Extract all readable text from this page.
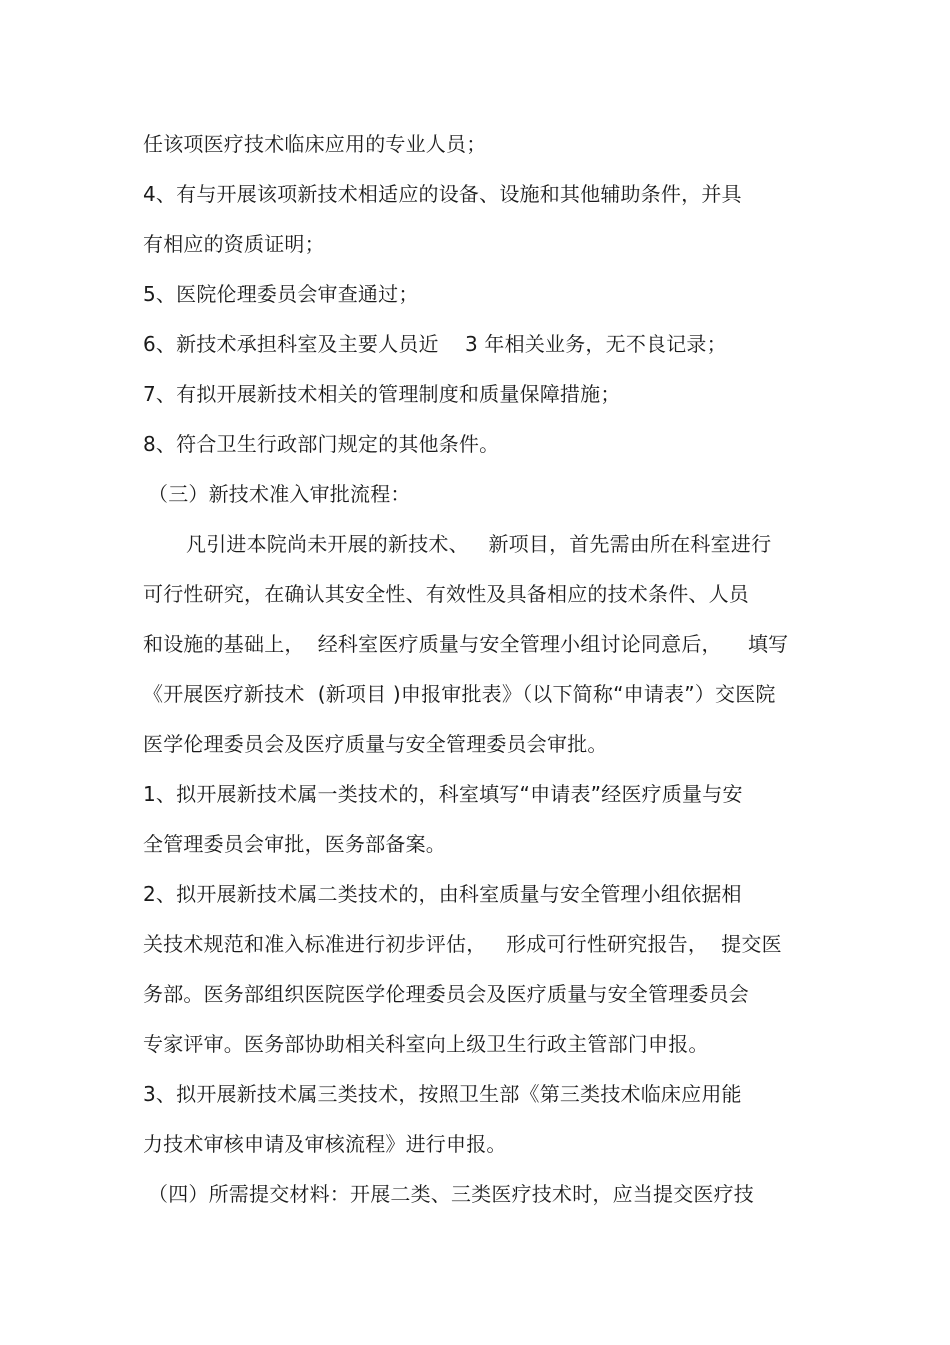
任该项医疗技术临床应用的专业人员；
4、有与开展该项新技术相适应的设备、设施和其他辅助条件，并具
有相应的资质证明；
5、医院伦理委员会审查通过；
6、新技术承担科室及主要人员近    3 年相关业务，无不良记录；
7、有拟开展新技术相关的管理制度和质量保障措施；
8、符合卫生行政部门规定的其他条件。
（三）新技术准入审批流程：
凡引进本院尚未开展的新技术、   新项目，首先需由所在科室进行
可行性研究，在确认其安全性、有效性及具备相应的技术条件、人员
和设施的基础上，  经科室医疗质量与安全管理小组讨论同意后，    填写
《开展医疗新技术  (新项目 )申报审批表》（以下简称“申请表”）交医院
医学伦理委员会及医疗质量与安全管理委员会审批。
1、拟开展新技术属一类技术的，科室填写“申请表”经医疗质量与安
全管理委员会审批，医务部备案。
2、拟开展新技术属二类技术的，由科室质量与安全管理小组依据相
关技术规范和准入标准进行初步评估，   形成可行性研究报告，  提交医
务部。医务部组织医院医学伦理委员会及医疗质量与安全管理委员会
专家评审。医务部协助相关科室向上级卫生行政主管部门申报。
3、拟开展新技术属三类技术，按照卫生部《第三类技术临床应用能
力技术审核申请及审核流程》进行申报。
（四）所需提交材料：开展二类、三类医疗技术时，应当提交医疗技
